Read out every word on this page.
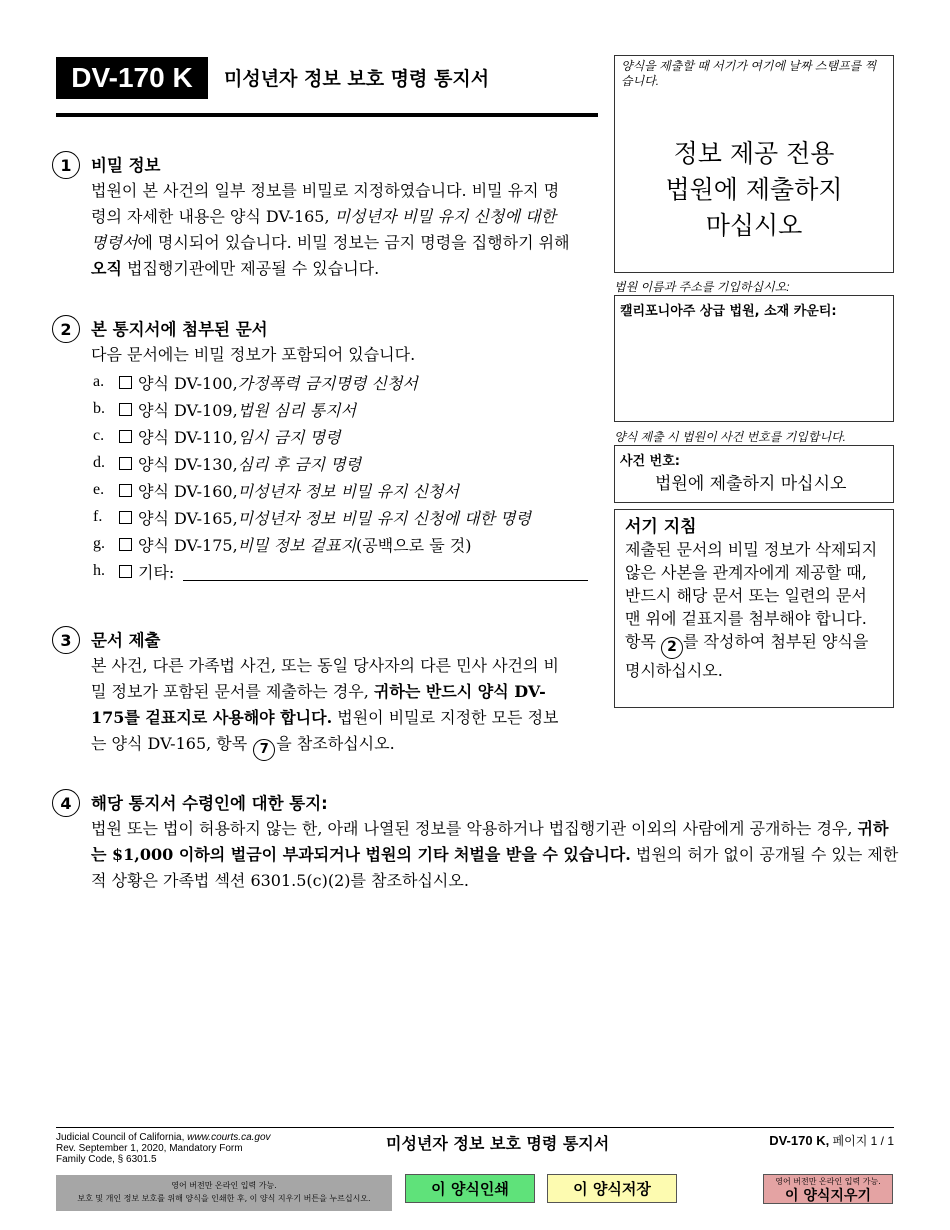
DV-170 K	미성년자 정보 보호 명령 통지서
양식을 제출할 때 서기가 여기에 날짜 스탬프를 찍습니다.
정보 제공 전용
법원에 제출하지
마십시오
법원 이름과 주소를 기입하십시오:
캘리포니아주 상급 법원, 소재 카운티:
양식 제출 시 법원이 사건 번호를 기입합니다.
사건 번호:
법원에 제출하지 마십시오
서기 지침
제출된 문서의 비밀 정보가 삭제되지 않은 사본을 관계자에게 제공할 때, 반드시 해당 문서 또는 일련의 문서 맨 위에 겉표지를 첨부해야 합니다. 항목 2 를 작성하여 첨부된 양식을 명시하십시오.
1	비밀 정보
법원이 본 사건의 일부 정보를 비밀로 지정하였습니다. 비밀 유지 명령의 자세한 내용은 양식 DV-165, 미성년자 비밀 유지 신청에 대한 명령서에 명시되어 있습니다. 비밀 정보는 금지 명령을 집행하기 위해 오직 법집행기관에만 제공될 수 있습니다.
2	본 통지서에 첨부된 문서
다음 문서에는 비밀 정보가 포함되어 있습니다.
a.	양식 DV-100, 가정폭력 금지명령 신청서
b.	양식 DV-109, 법원 심리 통지서
c.	양식 DV-110, 임시 금지 명령
d.	양식 DV-130, 심리 후 금지 명령
e.	양식 DV-160, 미성년자 정보 비밀 유지 신청서
f.	양식 DV-165, 미성년자 정보 비밀 유지 신청에 대한 명령
g.	양식 DV-175, 비밀 정보 겉표지 (공백으로 둘 것)
h.	기타:
3	문서 제출
본 사건, 다른 가족법 사건, 또는 동일 당사자의 다른 민사 사건의 비밀 정보가 포함된 문서를 제출하는 경우, 귀하는 반드시 양식 DV-175를 겉표지로 사용해야 합니다. 법원이 비밀로 지정한 모든 정보는 양식 DV-165, 항목 7 을 참조하십시오.
4	해당 통지서 수령인에 대한 통지:
법원 또는 법이 허용하지 않는 한, 아래 나열된 정보를 악용하거나 법집행기관 이외의 사람에게 공개하는 경우, 귀하는 $1,000 이하의 벌금이 부과되거나 법원의 기타 처벌을 받을 수 있습니다. 법원의 허가 없이 공개될 수 있는 제한적 상황은 가족법 섹션 6301.5(c)(2)를 참조하십시오.
Judicial Council of California, www.courts.ca.gov
Rev. September 1, 2020, Mandatory Form
Family Code, § 6301.5
미성년자 정보 보호 명령 통지서	DV-170 K, 페이지 1 / 1
영어 버전만 온라인 입력 가능.
보호 및 개인 정보 보호를 위해 양식을 인쇄한 후, 이 양식 지우기 버튼을 누르십시오.
이 양식인쇄	이 양식저장	영어 버전만 온라인 입력 가능.
이 양식지우기
